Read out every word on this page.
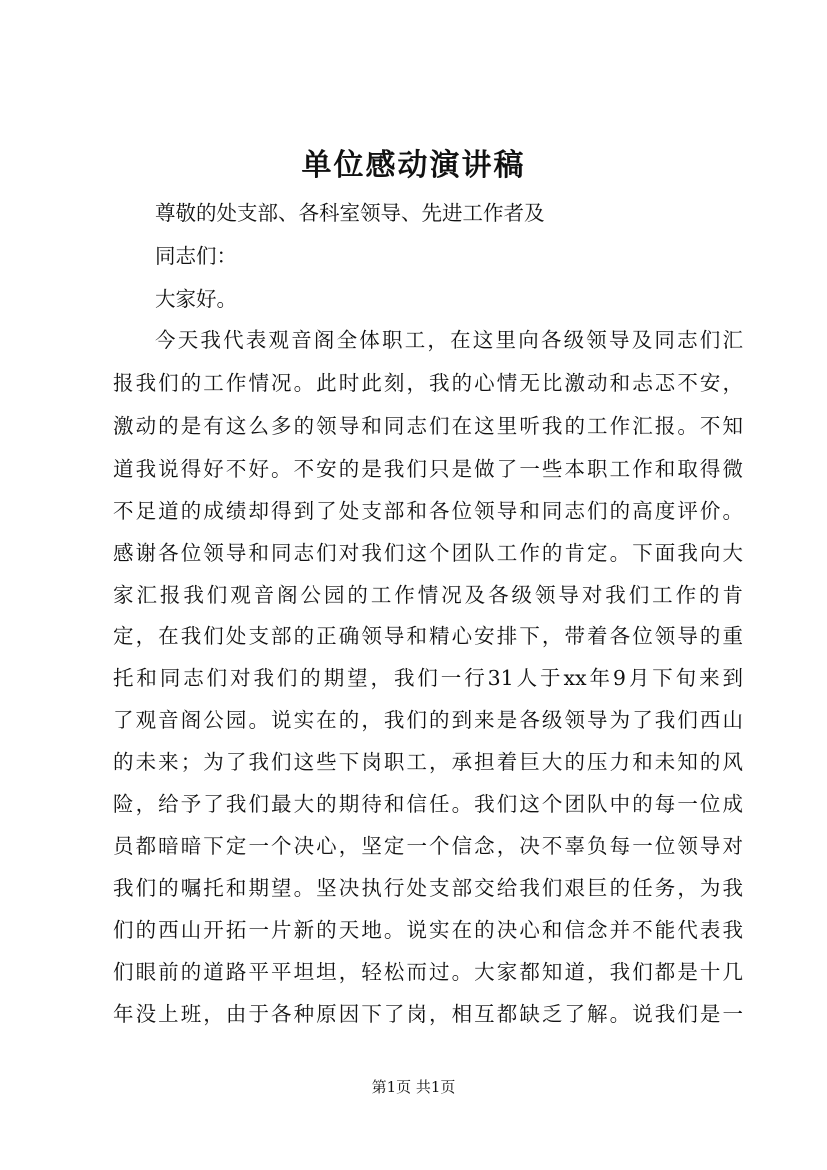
单位感动演讲稿
尊敬的处支部、各科室领导、先进工作者及
同志们：
大家好。
今天我代表观音阁全体职工，在这里向各级领导及同志们汇
报我们的工作情况。此时此刻，我的心情无比激动和忐忑不安，
激动的是有这么多的领导和同志们在这里听我的工作汇报。不知
道我说得好不好。不安的是我们只是做了一些本职工作和取得微
不足道的成绩却得到了处支部和各位领导和同志们的高度评价。
感谢各位领导和同志们对我们这个团队工作的肯定。下面我向大
家汇报我们观音阁公园的工作情况及各级领导对我们工作的肯
定，在我们处支部的正确领导和精心安排下，带着各位领导的重
托和同志们对我们的期望，我们一行31人于xx年9月下旬来到
了观音阁公园。说实在的，我们的到来是各级领导为了我们西山
的未来；为了我们这些下岗职工，承担着巨大的压力和未知的风
险，给予了我们最大的期待和信任。我们这个团队中的每一位成
员都暗暗下定一个决心，坚定一个信念，决不辜负每一位领导对
我们的嘱托和期望。坚决执行处支部交给我们艰巨的任务，为我
们的西山开拓一片新的天地。说实在的决心和信念并不能代表我
们眼前的道路平平坦坦，轻松而过。大家都知道，我们都是十几
年没上班，由于各种原因下了岗，相互都缺乏了解。说我们是一
第1页 共1页
